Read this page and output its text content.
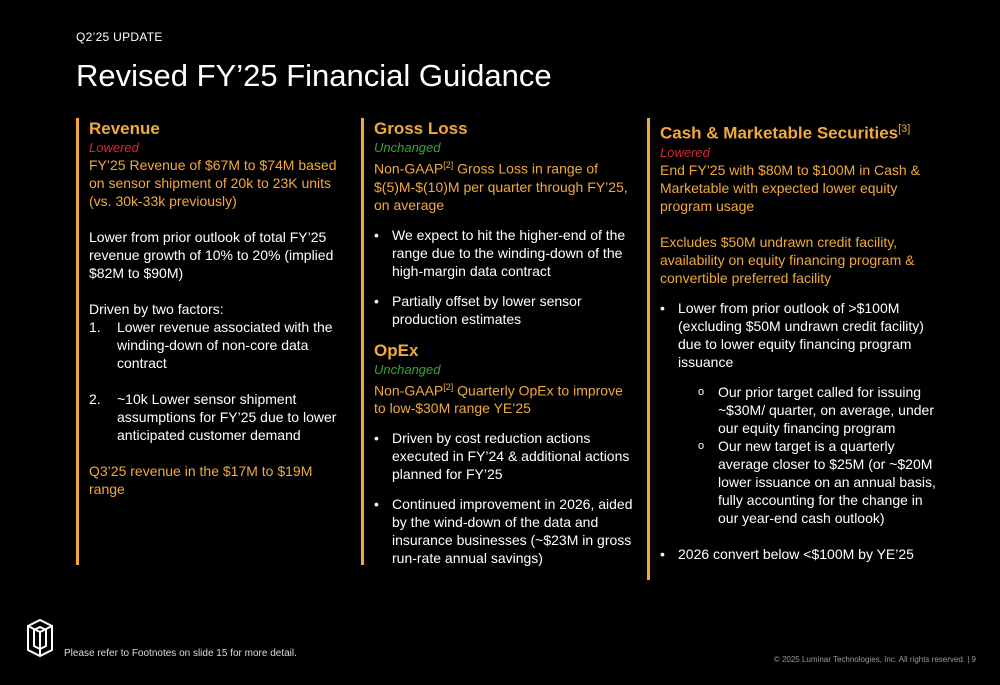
Q2’25 UPDATE
Revised FY’25 Financial Guidance
Revenue
Lowered
FY’25 Revenue of $67M to $74M based on sensor shipment of 20k to 23K units (vs. 30k-33k previously)
Lower from prior outlook of total FY’25 revenue growth of 10% to 20% (implied $82M to $90M)
Driven by two factors:
1. Lower revenue associated with the winding-down of non-core data contract
2. ~10k Lower sensor shipment assumptions for FY’25 due to lower anticipated customer demand
Q3’25 revenue in the $17M to $19M range
Gross Loss
Unchanged
Non-GAAP[2] Gross Loss in range of $(5)M-$(10)M per quarter through FY’25, on average
• We expect to hit the higher-end of the range due to the winding-down of the high-margin data contract
• Partially offset by lower sensor production estimates
OpEx
Unchanged
Non-GAAP[2] Quarterly OpEx to improve to low-$30M range YE’25
• Driven by cost reduction actions executed in FY’24 & additional actions planned for FY’25
• Continued improvement in 2026, aided by the wind-down of the data and insurance businesses (~$23M in gross run-rate annual savings)
Cash & Marketable Securities[3]
Lowered
End FY’25 with $80M to $100M in Cash & Marketable with expected lower equity program usage
Excludes $50M undrawn credit facility, availability on equity financing program & convertible preferred facility
• Lower from prior outlook of >$100M (excluding $50M undrawn credit facility) due to lower equity financing program issuance
o Our prior target called for issuing ~$30M/ quarter, on average, under our equity financing program
o Our new target is a quarterly average closer to $25M (or ~$20M lower issuance on an annual basis, fully accounting for the change in our year-end cash outlook)
• 2026 convert below <$100M by YE’25
Please refer to Footnotes on slide 15 for more detail.
© 2025 Luminar Technologies, Inc. All rights reserved. | 9
